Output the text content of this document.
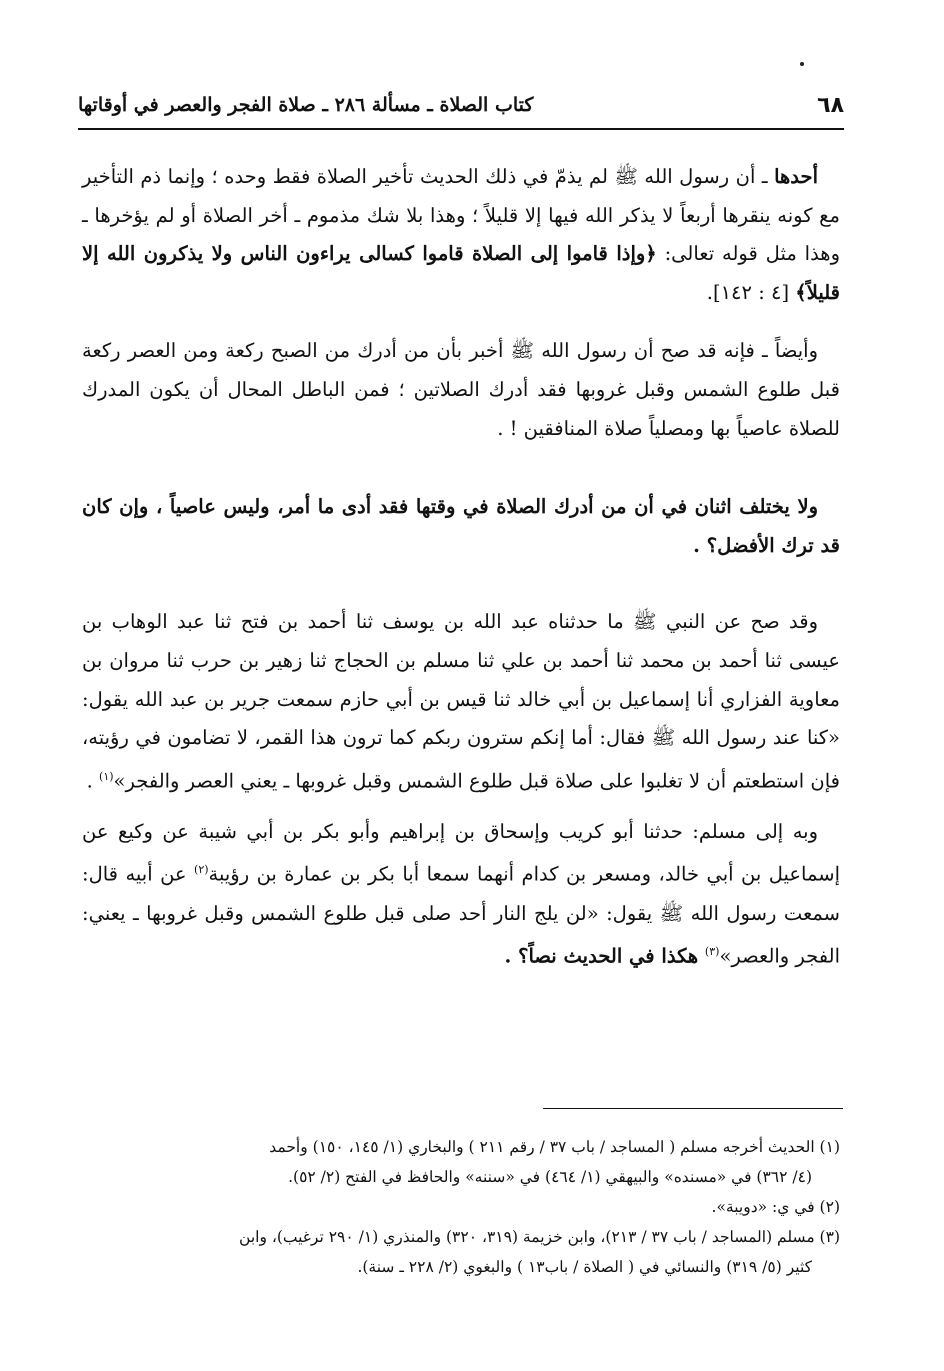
٦٨
كتاب الصلاة ـ مسألة ٢٨٦ ـ صلاة الفجر والعصر في أوقاتها

أحدها ـ أن رسول الله ﷺ لم يذمّ في ذلك الحديث تأخير الصلاة فقط وحده ؛ وإنما ذم التأخير مع كونه ينقرها أربعاً لا يذكر الله فيها إلا قليلاً ؛ وهذا بلا شك مذموم ـ أخر الصلاة أو لم يؤخرها ـ وهذا مثل قوله تعالى: ﴿وإذا قاموا إلى الصلاة قاموا كسالى يراءون الناس ولا يذكرون الله إلا قليلاً﴾ [٤ : ١٤٢].

وأيضاً ـ فإنه قد صح أن رسول الله ﷺ أخبر بأن من أدرك من الصبح ركعة ومن العصر ركعة قبل طلوع الشمس وقبل غروبها فقد أدرك الصلاتين ؛ فمن الباطل المحال أن يكون المدرك للصلاة عاصياً بها ومصلياً صلاة المنافقين ! .

ولا يختلف اثنان في أن من أدرك الصلاة في وقتها فقد أدى ما أمر، وليس عاصياً ، وإن كان قد ترك الأفضل؟ .

وقد صح عن النبي ﷺ ما حدثناه عبد الله بن يوسف ثنا أحمد بن فتح ثنا عبد الوهاب بن عيسى ثنا أحمد بن محمد ثنا أحمد بن علي ثنا مسلم بن الحجاج ثنا زهير بن حرب ثنا مروان بن معاوية الفزاري أنا إسماعيل بن أبي خالد ثنا قيس بن أبي حازم سمعت جرير بن عبد الله يقول: «كنا عند رسول الله ﷺ فقال: أما إنكم سترون ربكم كما ترون هذا القمر، لا تضامون في رؤيته، فإن استطعتم أن لا تغلبوا على صلاة قبل طلوع الشمس وقبل غروبها ـ يعني العصر والفجر»$^{(١)}$ .

وبه إلى مسلم: حدثنا أبو كريب وإسحاق بن إبراهيم وأبو بكر بن أبي شيبة عن وكيع عن إسماعيل بن أبي خالد، ومسعر بن كدام أنهما سمعا أبا بكر بن عمارة بن رؤيبة$^{(٢)}$ عن أبيه قال: سمعت رسول الله ﷺ يقول: «لن يلج النار أحد صلى قبل طلوع الشمس وقبل غروبها ـ يعني: الفجر والعصر»$^{(٣)}$ هكذا في الحديث نصاً؟ .

(١) الحديث أخرجه مسلم ( المساجد / باب ٣٧ / رقم ٢١١ ) والبخاري (١/ ١٤٥، ١٥٠) وأحمد
(٤/ ٣٦٢) في «مسنده» والبيهقي (١/ ٤٦٤) في «سننه» والحافظ في الفتح (٢/ ٥٢).

(٢) في ي: «دويبة».

(٣) مسلم (المساجد / باب ٣٧ / ٢١٣)، وابن خزيمة (٣١٩، ٣٢٠) والمنذري (١/ ٢٩٠ ترغيب)، وابن
كثير (٥/ ٣١٩) والنسائي في ( الصلاة / باب١٣ ) والبغوي (٢/ ٢٢٨ ـ سنة).
